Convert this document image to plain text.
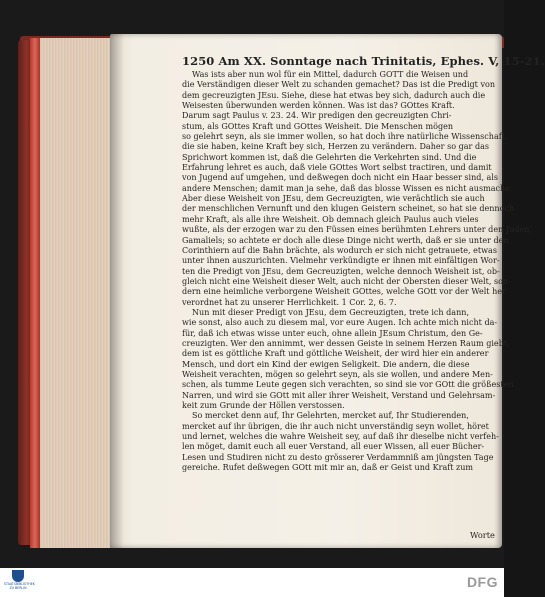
1250 Am XX. Sonntage nach Trinitatis, Ephes. V, 15-21.
Was ists aber nun wol für ein Mittel, dadurch GOTT die Weisen und
die Verständigen dieser Welt zu schanden gemachet? Das ist die Predigt von
dem gecreuzigten JEsu. Siehe, diese hat etwas bey sich, dadurch auch die
Weisesten überwunden werden können. Was ist das? GOttes Kraft.
Darum sagt Paulus v. 23. 24. Wir predigen den gecreuzigten Chri-
stum, als GOttes Kraft und GOttes Weisheit. Die Menschen mögen
so gelehrt seyn, als sie immer wollen, so hat doch ihre natürliche Wissenschaft,
die sie haben, keine Kraft bey sich, Herzen zu verändern. Daher so gar das
Sprichwort kommen ist, daß die Gelehrten die Verkehrten sind. Und die
Erfahrung lehret es auch, daß viele GOttes Wort selbst tractiren, und damit
von Jugend auf umgehen, und deßwegen doch nicht ein Haar besser sind, als
andere Menschen; damit man ja sehe, daß das blosse Wissen es nicht ausmache.
Aber diese Weisheit von JEsu, dem Gecreuzigten, wie verächtlich sie auch
der menschlichen Vernunft und den klugen Geistern scheinet, so hat sie dennoch
mehr Kraft, als alle ihre Weisheit. Ob demnach gleich Paulus auch vieles
wußte, als der erzogen war zu den Füssen eines berühmten Lehrers unter den Juden,
Gamaliels; so achtete er doch alle diese Dinge nicht werth, daß er sie unter den
Corinthiern auf die Bahn brächte, als wodurch er sich nicht getrauete, etwas
unter ihnen auszurichten. Vielmehr verkündigte er ihnen mit einfältigen Wor-
ten die Predigt von JEsu, dem Gecreuzigten, welche dennoch Weisheit ist, ob-
gleich nicht eine Weisheit dieser Welt, auch nicht der Obersten dieser Welt, son-
dern eine heimliche verborgene Weisheit GOttes, welche GOtt vor der Welt her
verordnet hat zu unserer Herrlichkeit. 1 Cor. 2, 6. 7.
Nun mit dieser Predigt von JEsu, dem Gecreuzigten, trete ich dann,
wie sonst, also auch zu diesem mal, vor eure Augen. Ich achte mich nicht da-
für, daß ich etwas wisse unter euch, ohne allein JEsum Christum, den Ge-
creuzigten. Wer den annimmt, wer dessen Geiste in seinem Herzen Raum giebt,
dem ist es göttliche Kraft und göttliche Weisheit, der wird hier ein anderer
Mensch, und dort ein Kind der ewigen Seligkeit. Die andern, die diese
Weisheit verachten, mögen so gelehrt seyn, als sie wollen, und andere Men-
schen, als tumme Leute gegen sich verachten, so sind sie vor GOtt die größesten
Narren, und wird sie GOtt mit aller ihrer Weisheit, Verstand und Gelehrsam-
keit zum Grunde der Höllen verstossen.
So mercket denn auf, Ihr Gelehrten, mercket auf, Ihr Studierenden,
mercket auf ihr übrigen, die ihr auch nicht unverständig seyn wollet, höret
und lernet, welches die wahre Weisheit sey, auf daß ihr dieselbe nicht verfeh-
len möget, damit euch all euer Verstand, all euer Wissen, all euer Bücher-
Lesen und Studiren nicht zu desto grösserer Verdammniß am jüngsten Tage
gereiche. Rufet deßwegen GOtt mit mir an, daß er Geist und Kraft zum
Worte
STAATSBIBLIOTHEK ZU BERLIN	DFG
